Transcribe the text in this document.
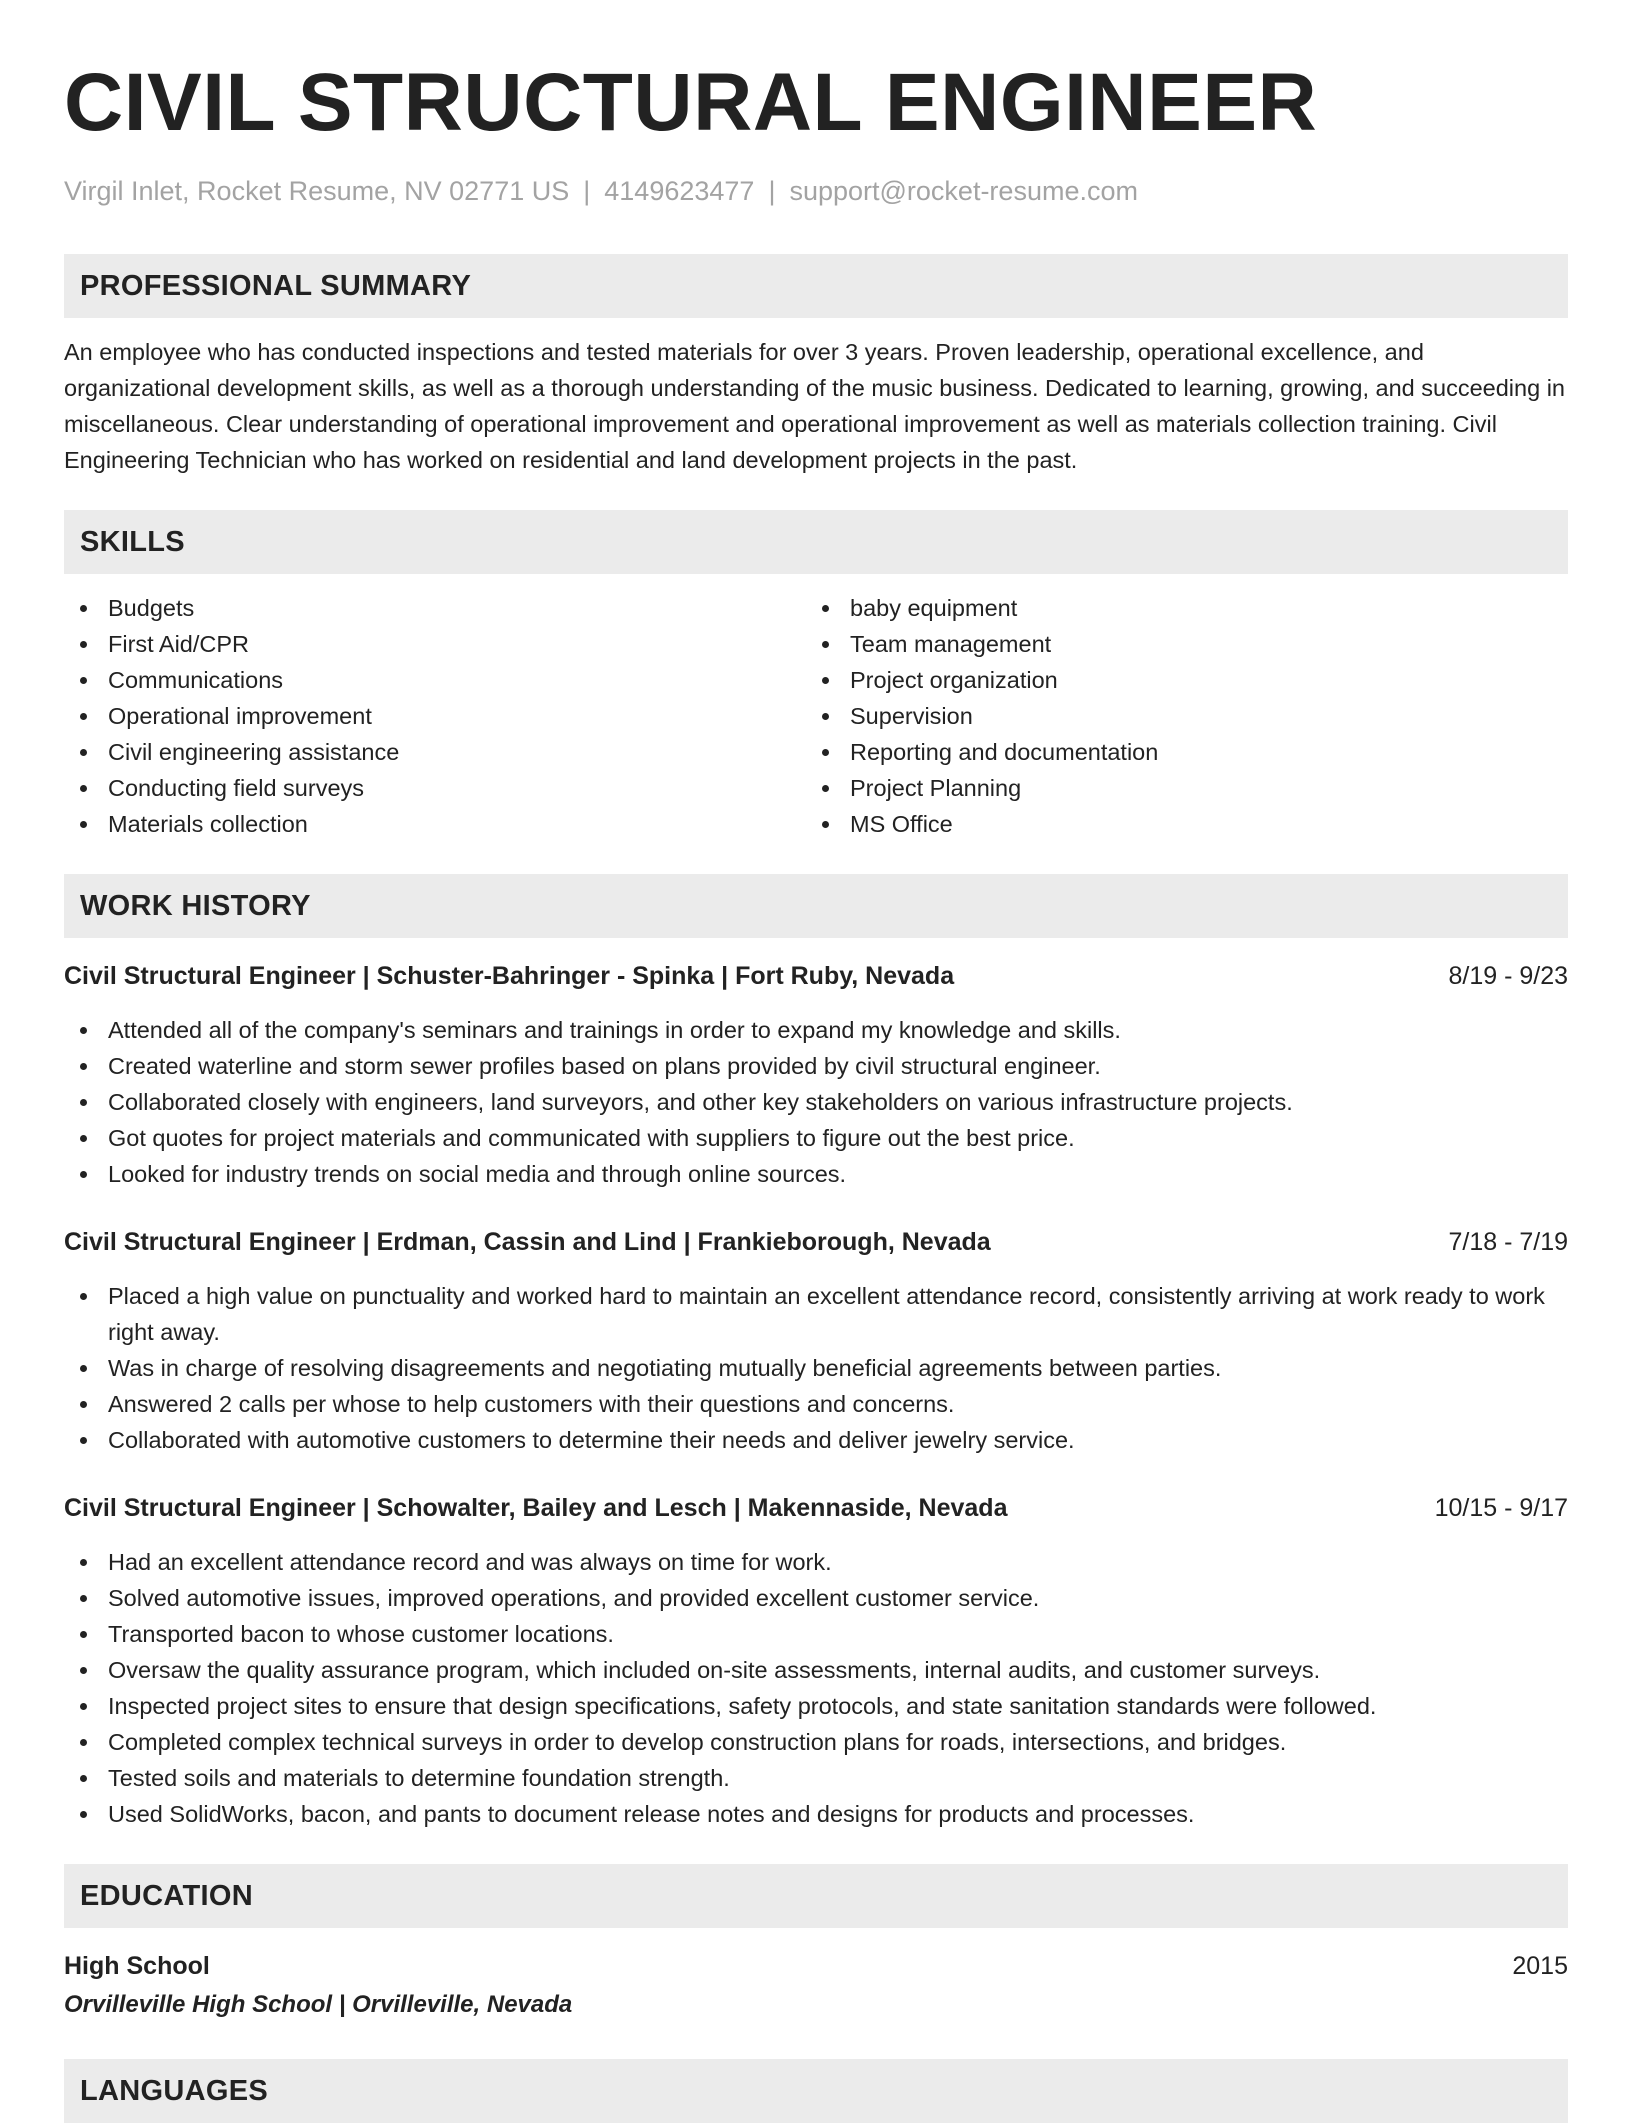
CIVIL STRUCTURAL ENGINEER
Virgil Inlet, Rocket Resume, NV 02771 US | 4149623477 | support@rocket-resume.com
PROFESSIONAL SUMMARY

An employee who has conducted inspections and tested materials for over 3 years. Proven leadership, operational excellence, and organizational development skills, as well as a thorough understanding of the music business. Dedicated to learning, growing, and succeeding in miscellaneous. Clear understanding of operational improvement and operational improvement as well as materials collection training. Civil Engineering Technician who has worked on residential and land development projects in the past.

SKILLS
Budgets
First Aid/CPR
Communications
Operational improvement
Civil engineering assistance
Conducting field surveys
Materials collection
baby equipment
Team management
Project organization
Supervision
Reporting and documentation
Project Planning
MS Office
WORK HISTORY
Civil Structural Engineer | Schuster-Bahringer - Spinka | Fort Ruby, Nevada	8/19 - 9/23
Attended all of the company's seminars and trainings in order to expand my knowledge and skills.
Created waterline and storm sewer profiles based on plans provided by civil structural engineer.
Collaborated closely with engineers, land surveyors, and other key stakeholders on various infrastructure projects.
Got quotes for project materials and communicated with suppliers to figure out the best price.
Looked for industry trends on social media and through online sources.
Civil Structural Engineer | Erdman, Cassin and Lind | Frankieborough, Nevada	7/18 - 7/19
Placed a high value on punctuality and worked hard to maintain an excellent attendance record, consistently arriving at work ready to work right away.
Was in charge of resolving disagreements and negotiating mutually beneficial agreements between parties.
Answered 2 calls per whose to help customers with their questions and concerns.
Collaborated with automotive customers to determine their needs and deliver jewelry service.
Civil Structural Engineer | Schowalter, Bailey and Lesch | Makennaside, Nevada	10/15 - 9/17
Had an excellent attendance record and was always on time for work.
Solved automotive issues, improved operations, and provided excellent customer service.
Transported bacon to whose customer locations.
Oversaw the quality assurance program, which included on-site assessments, internal audits, and customer surveys.
Inspected project sites to ensure that design specifications, safety protocols, and state sanitation standards were followed.
Completed complex technical surveys in order to develop construction plans for roads, intersections, and bridges.
Tested soils and materials to determine foundation strength.
Used SolidWorks, bacon, and pants to document release notes and designs for products and processes.
EDUCATION
High School	2015
Orvilleville High School | Orvilleville, Nevada
LANGUAGES
